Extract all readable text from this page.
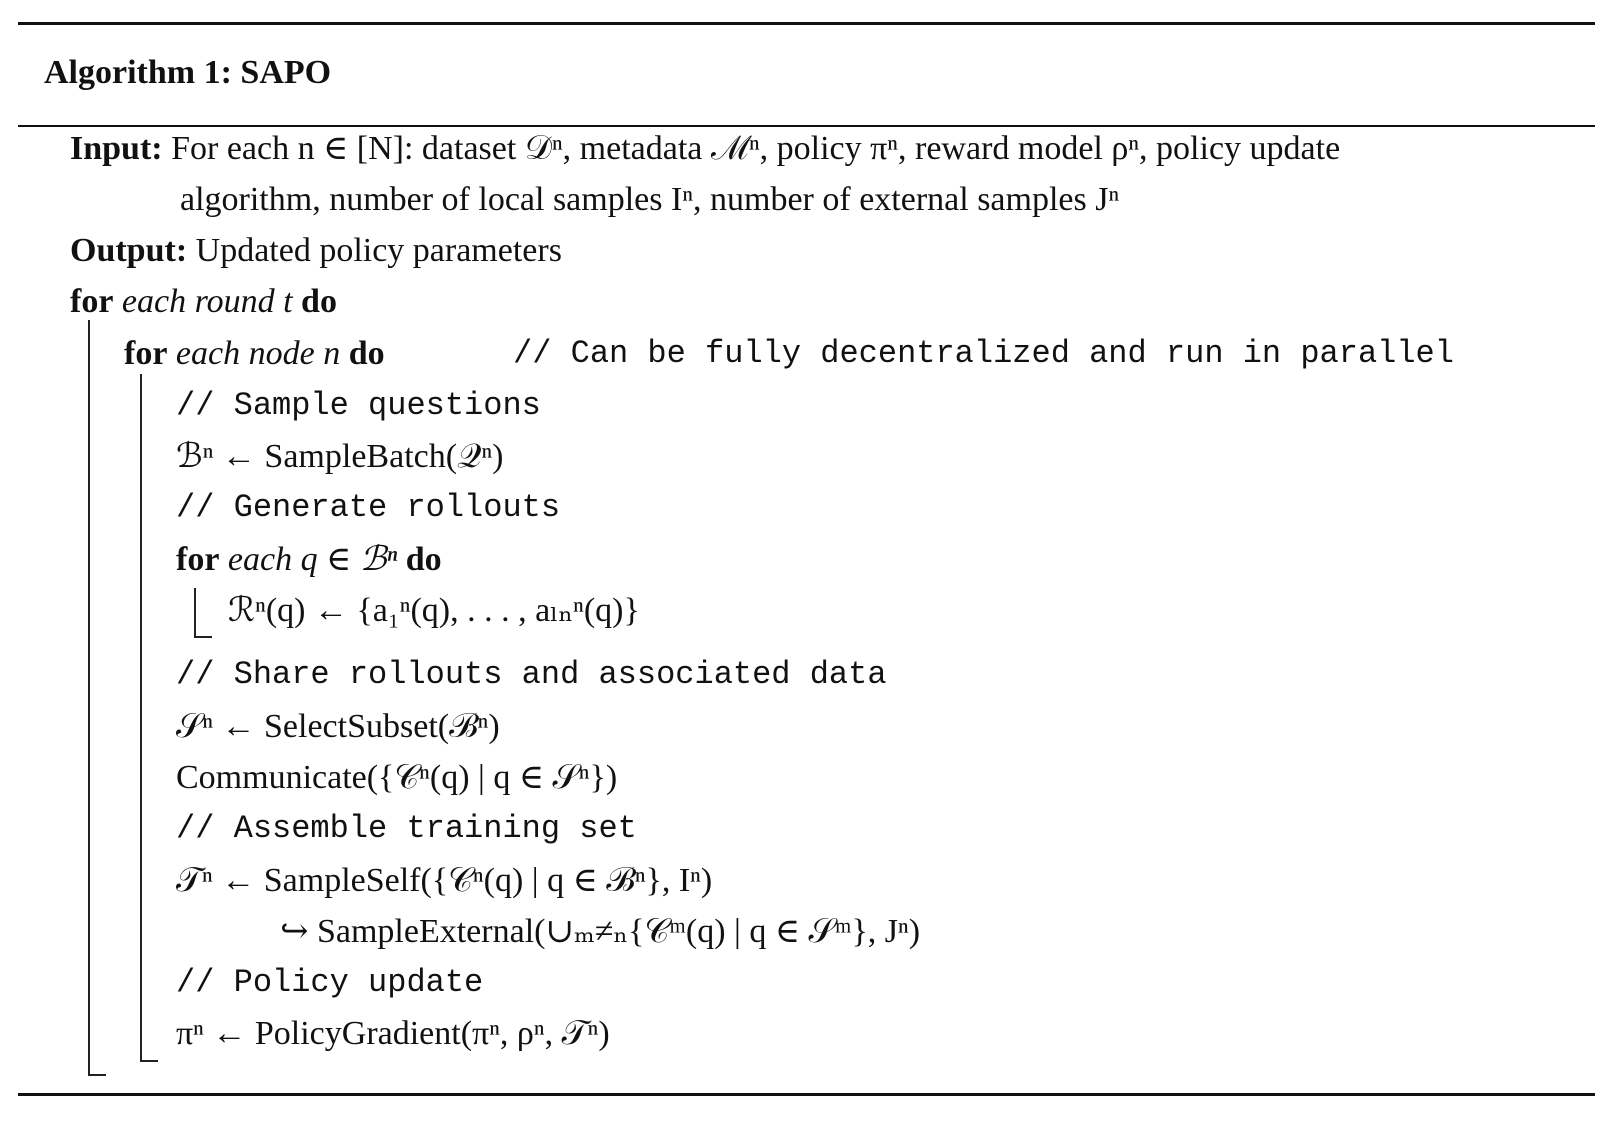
Algorithm 1: SAPO
Input: For each n ∈ [N]: dataset 𝒟ⁿ, metadata ℳⁿ, policy πⁿ, reward model ρⁿ, policy update
algorithm, number of local samples Iⁿ, number of external samples Jⁿ
Output: Updated policy parameters
for each round t do
for each node n do	// Can be fully decentralized and run in parallel
// Sample questions
ℬⁿ ← SampleBatch(𝒬ⁿ)
// Generate rollouts
for each q ∈ ℬⁿ do
ℛⁿ(q) ← {a₁ⁿ(q), . . . , aₗₙⁿ(q)}
// Share rollouts and associated data
𝒮ⁿ ← SelectSubset(ℬⁿ)
Communicate({𝒞ⁿ(q) | q ∈ 𝒮ⁿ})
// Assemble training set
𝒯ⁿ ← SampleSelf({𝒞ⁿ(q) | q ∈ ℬⁿ}, Iⁿ)
↪ SampleExternal(∪ₘ≠ₙ{𝒞ᵐ(q) | q ∈ 𝒮ᵐ}, Jⁿ)
// Policy update
πⁿ ← PolicyGradient(πⁿ, ρⁿ, 𝒯ⁿ)
